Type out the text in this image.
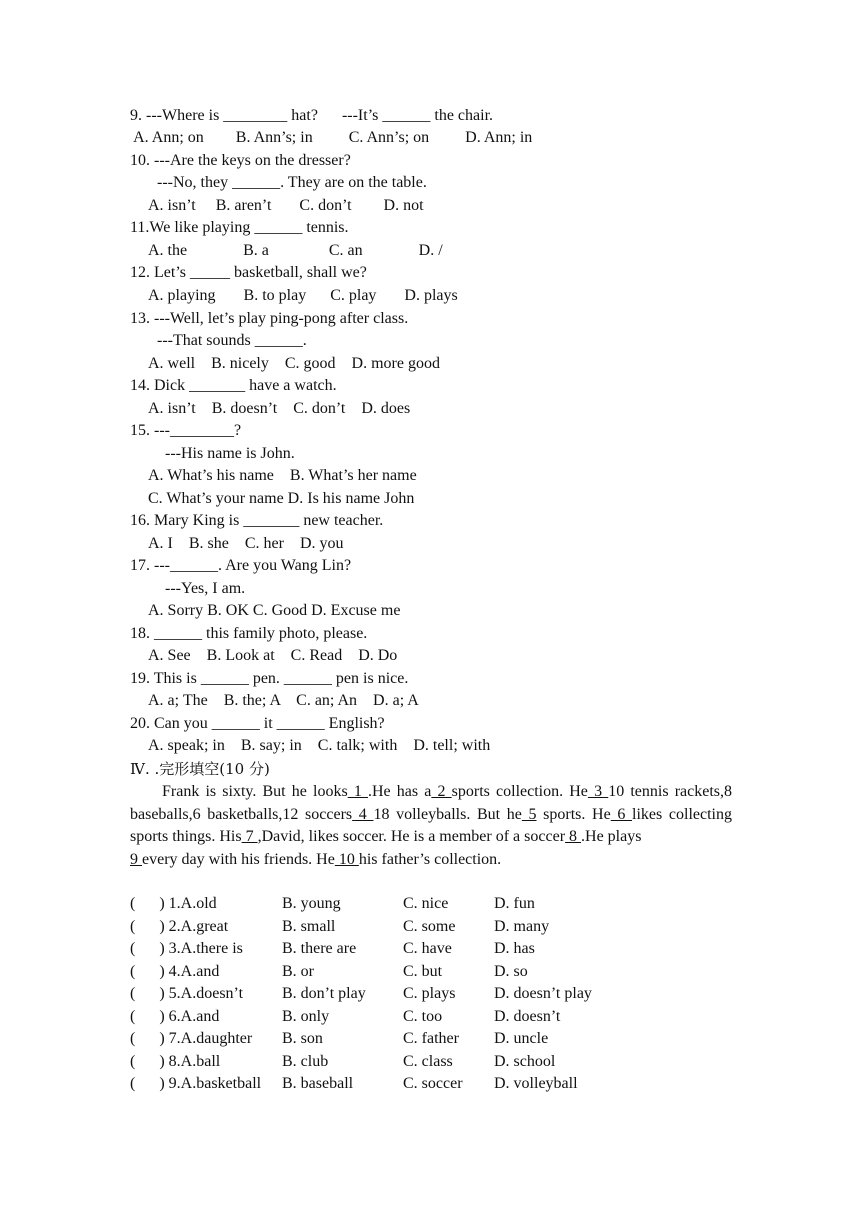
9. ---Where is ________ hat?      ---It’s ______ the chair.
A. Ann; on        B. Ann’s; in         C. Ann’s; on         D. Ann; in
10. ---Are the keys on the dresser?
---No, they ______. They are on the table.
A. isn’t     B. aren’t       C. don’t        D. not
11.We like playing ______ tennis.
A. the              B. a               C. an              D. /
12. Let’s _____ basketball, shall we?
A. playing       B. to play      C. play       D. plays
13. ---Well, let’s play ping-pong after class.
---That sounds ______.
A. well    B. nicely    C. good    D. more good
14. Dick _______ have a watch.
A. isn’t    B. doesn’t    C. don’t    D. does
15. ---________?
---His name is John.
A. What’s his name    B. What’s her name
C. What’s your name D. Is his name John
16. Mary King is _______ new teacher.
A. I    B. she    C. her    D. you
17. ---______. Are you Wang Lin?
---Yes, I am.
A. Sorry B. OK C. Good D. Excuse me
18. ______ this family photo, please.
A. See    B. Look at    C. Read    D. Do
19. This is ______ pen. ______ pen is nice.
A. a; The    B. the; A    C. an; An    D. a; A
20. Can you ______ it ______ English?
A. speak; in    B. say; in    C. talk; with    D. tell; with
Ⅳ. .完形填空(10 分)
Frank is sixty. But he looks 1 .He has a 2 sports collection. He 3 10 tennis rackets,8 baseballs,6 basketballs,12 soccers 4 18 volleyballs. But he 5 sports. He 6 likes collecting sports things. His 7 ,David, likes soccer. He is a member of a soccer 8 .He plays
9 every day with his friends. He 10 his father’s collection.
(      ) 1.A.old	B. young	C. nice	D. fun
(      ) 2.A.great	B. small	C. some D. many
(      ) 3.A.there is B. there are	C. have	D. has
(      ) 4.A.and	B. or	C. but	D. so
(      ) 5.A.doesn’t B. don’t play C. plays D. doesn’t play
(      ) 6.A.and	B. only	C. too	D. doesn’t
(      ) 7.A.daughter B. son	C. father D. uncle
(      ) 8.A.ball	B. club	C. class	D. school
(      ) 9.A.basketball B. baseball	C. soccer D. volleyball
